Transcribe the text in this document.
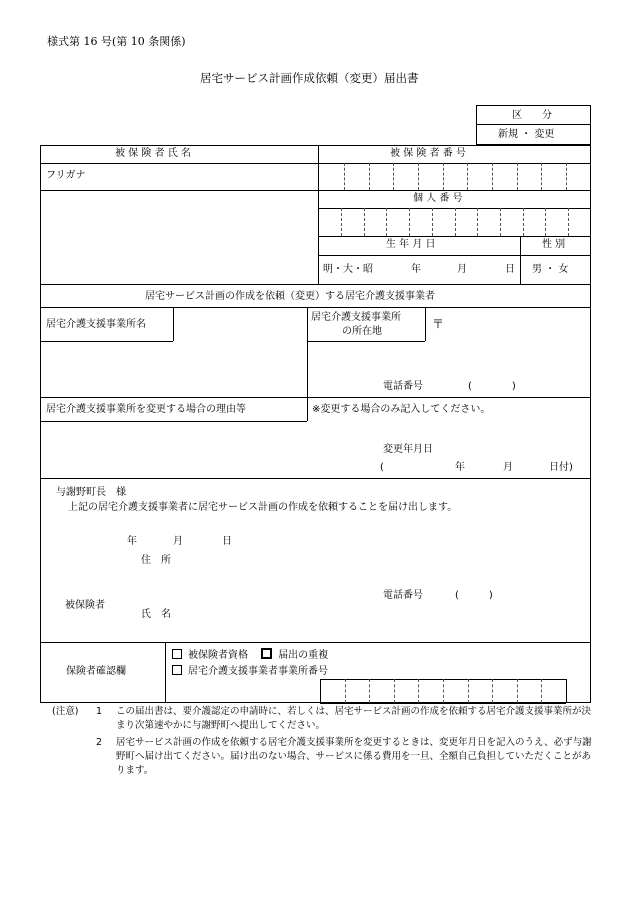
様式第 16 号(第 10 条関係)
居宅サービス計画作成依頼（変更）届出書
区　　分
新規 ・ 変更
被 保 険 者 氏 名	被 保 険 者 番 号
フリガナ
個 人 番 号
生 年 月 日	性 別
明・大・昭	年	月	日 男 ・ 女
居宅サービス計画の作成を依頼（変更）する居宅介護支援事業者
居宅介護支援事業所名
居宅介護支援事業所
の所在地
〒
電話番号	(　　　　)
居宅介護支援事業所を変更する場合の理由等	※変更する場合のみ記入してください。
変更年月日
(	年	月	日付)
与謝野町長　様
上記の居宅介護支援事業者に居宅サービス計画の作成を依頼することを届け出します。
年	月	日
住　所
被保険者
氏　名
電話番号	(　　　)
保険者確認欄
被保険者資格	届出の重複
居宅介護支援事業者事業所番号
(注意) 1 この届出書は、要介護認定の申請時に、若しくは、居宅サービス計画の作成を依頼する居宅介護支援事業所が決まり次第速やかに与謝野町へ提出してください。
2 居宅サービス計画の作成を依頼する居宅介護支援事業所を変更するときは、変更年月日を記入のうえ、必ず与謝野町へ届け出てください。届け出のない場合、サービスに係る費用を一旦、全額自己負担していただくことがあります。
